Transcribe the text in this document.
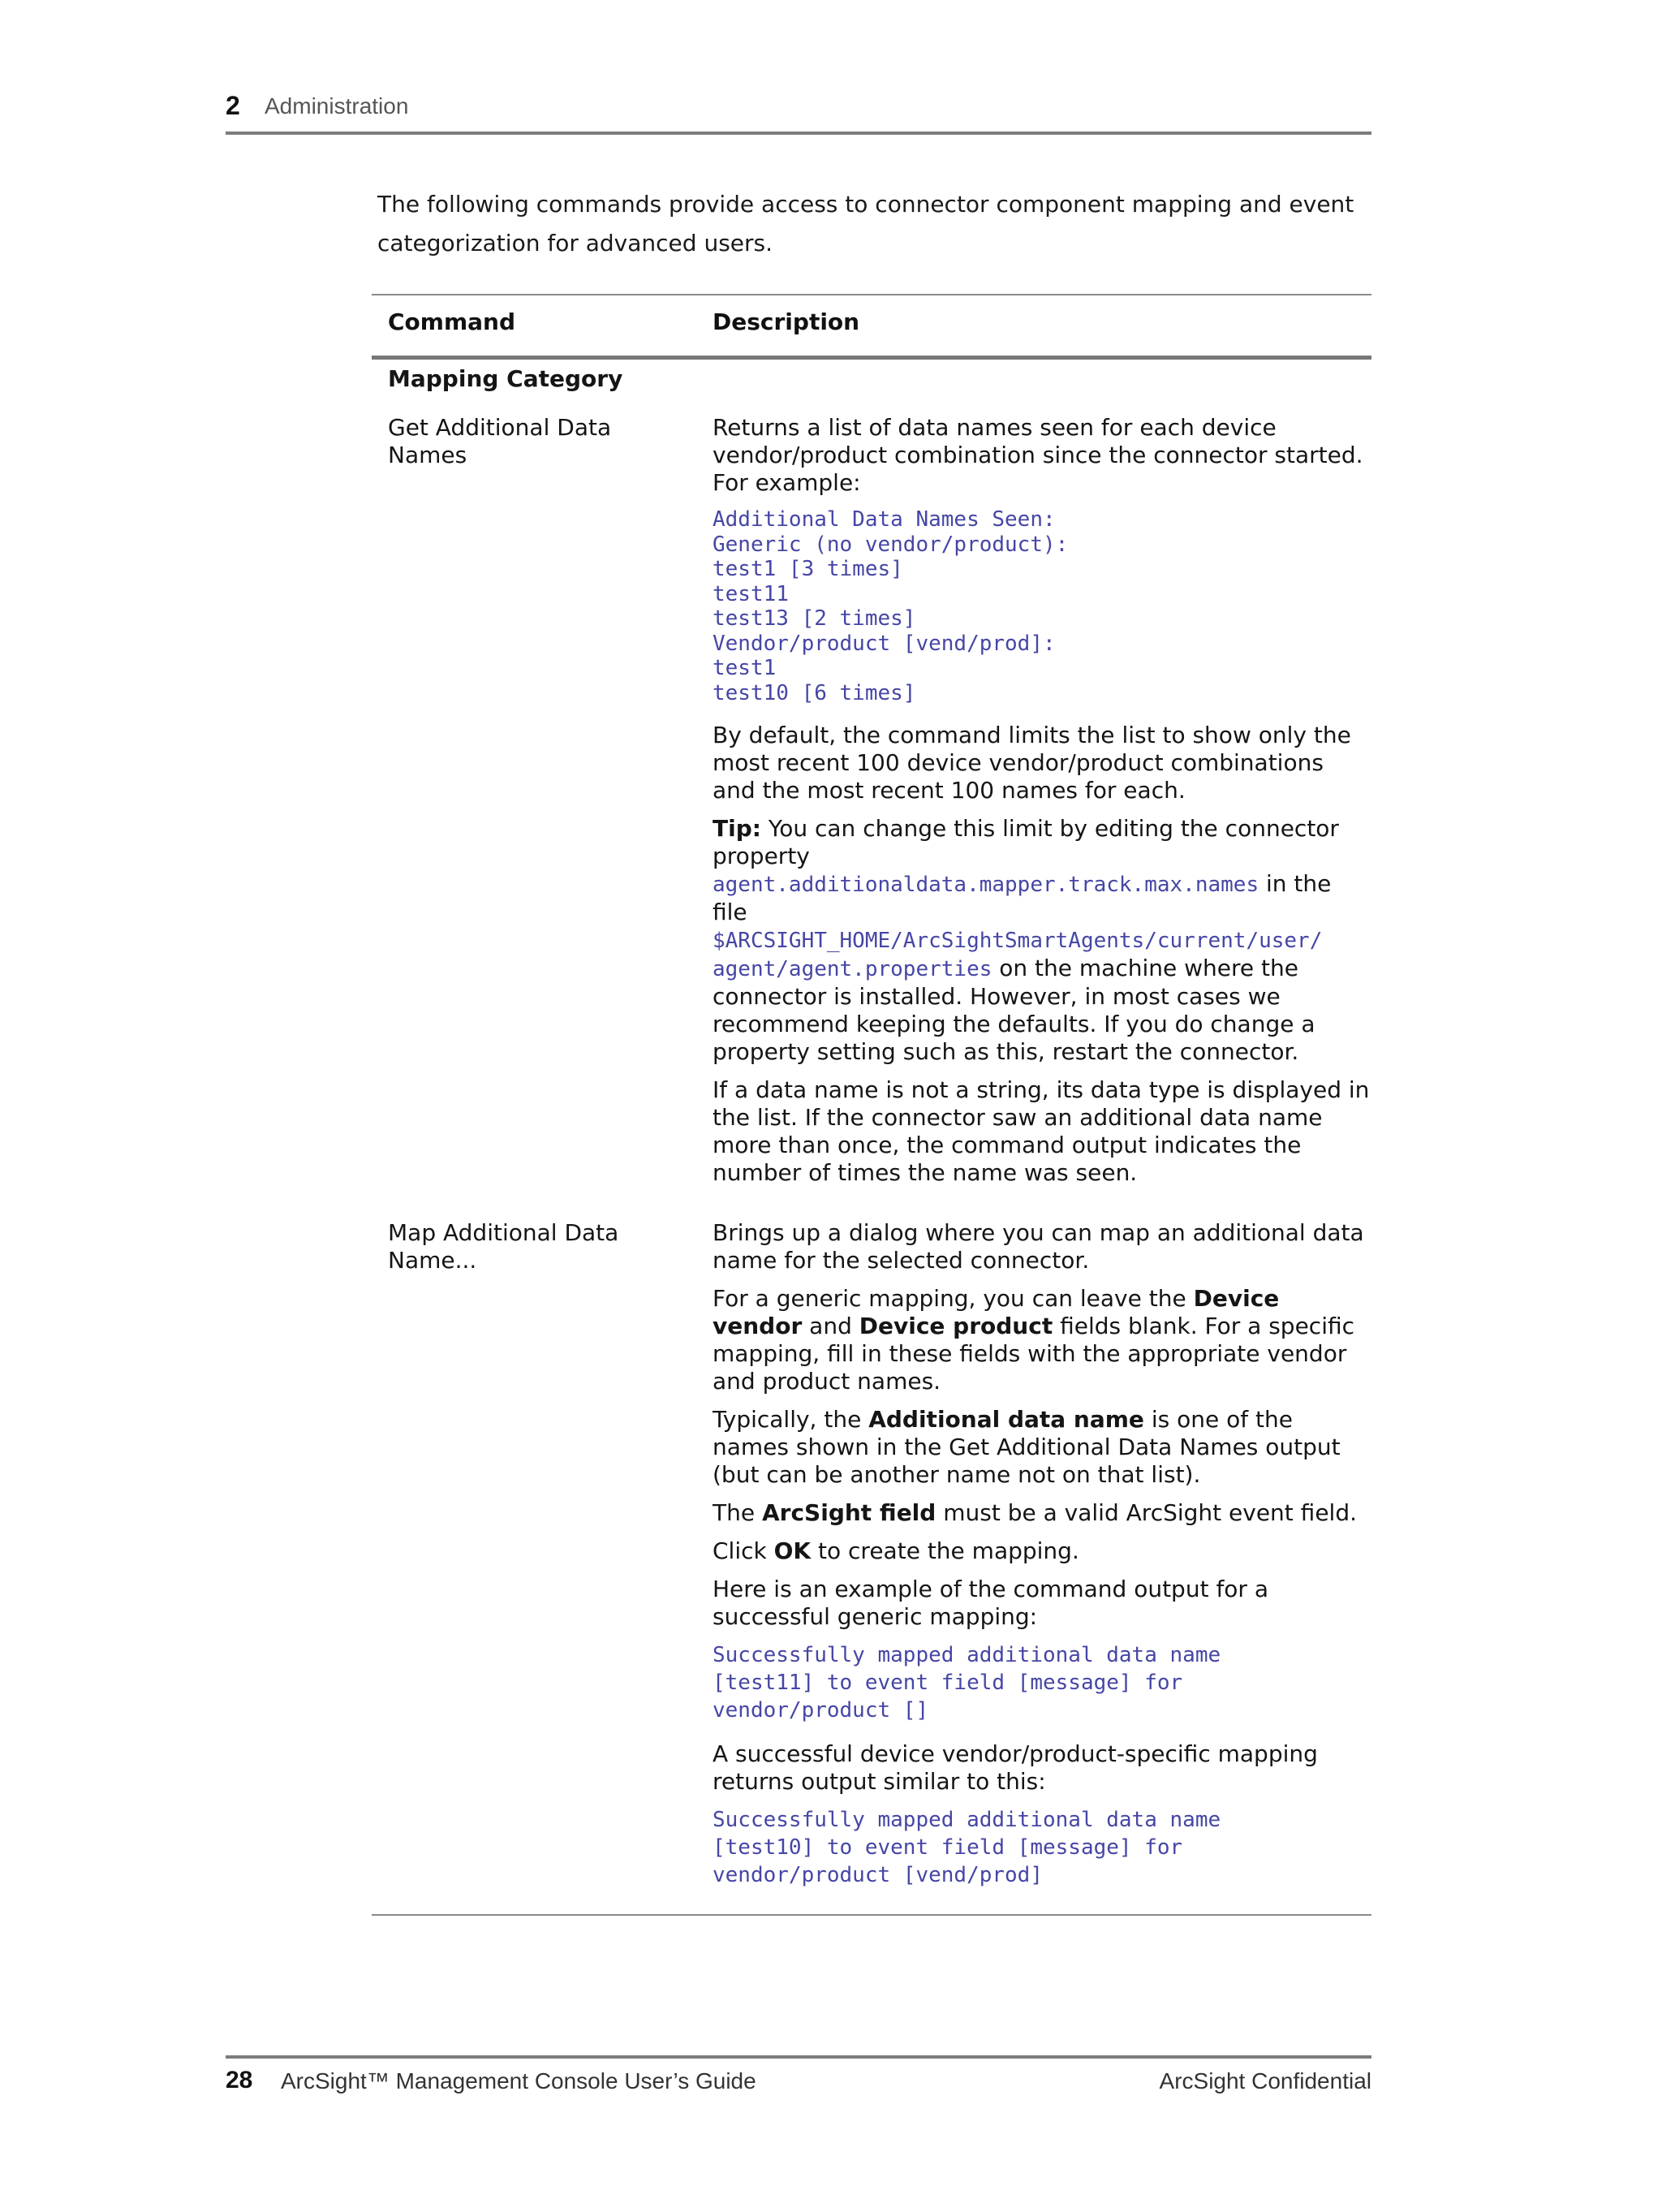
2 Administration
The following commands provide access to connector component mapping and event categorization for advanced users.
Command	Description
Mapping Category
Get Additional Data Names

Returns a list of data names seen for each device vendor/product combination since the connector started. For example:

Additional Data Names Seen:
Generic (no vendor/product):
test1 [3 times]
test11
test13 [2 times]
Vendor/product [vend/prod]:
test1
test10 [6 times]

By default, the command limits the list to show only the most recent 100 device vendor/product combinations and the most recent 100 names for each.

Tip: You can change this limit by editing the connector property
agent.additionaldata.mapper.track.max.names in the file
$ARCSIGHT_HOME/ArcSightSmartAgents/current/user/
agent/agent.properties on the machine where the connector is installed. However, in most cases we recommend keeping the defaults. If you do change a property setting such as this, restart the connector.

If a data name is not a string, its data type is displayed in the list. If the connector saw an additional data name more than once, the command output indicates the number of times the name was seen.

Map Additional Data Name...

Brings up a dialog where you can map an additional data name for the selected connector.

For a generic mapping, you can leave the Device vendor and Device product fields blank. For a specific mapping, fill in these fields with the appropriate vendor and product names.

Typically, the Additional data name is one of the names shown in the Get Additional Data Names output (but can be another name not on that list).

The ArcSight field must be a valid ArcSight event field.

Click OK to create the mapping.

Here is an example of the command output for a successful generic mapping:

Successfully mapped additional data name
[test11] to event field [message] for
vendor/product []

A successful device vendor/product-specific mapping returns output similar to this:

Successfully mapped additional data name
[test10] to event field [message] for
vendor/product [vend/prod]
28 ArcSight™ Management Console User’s Guide	ArcSight Confidential
